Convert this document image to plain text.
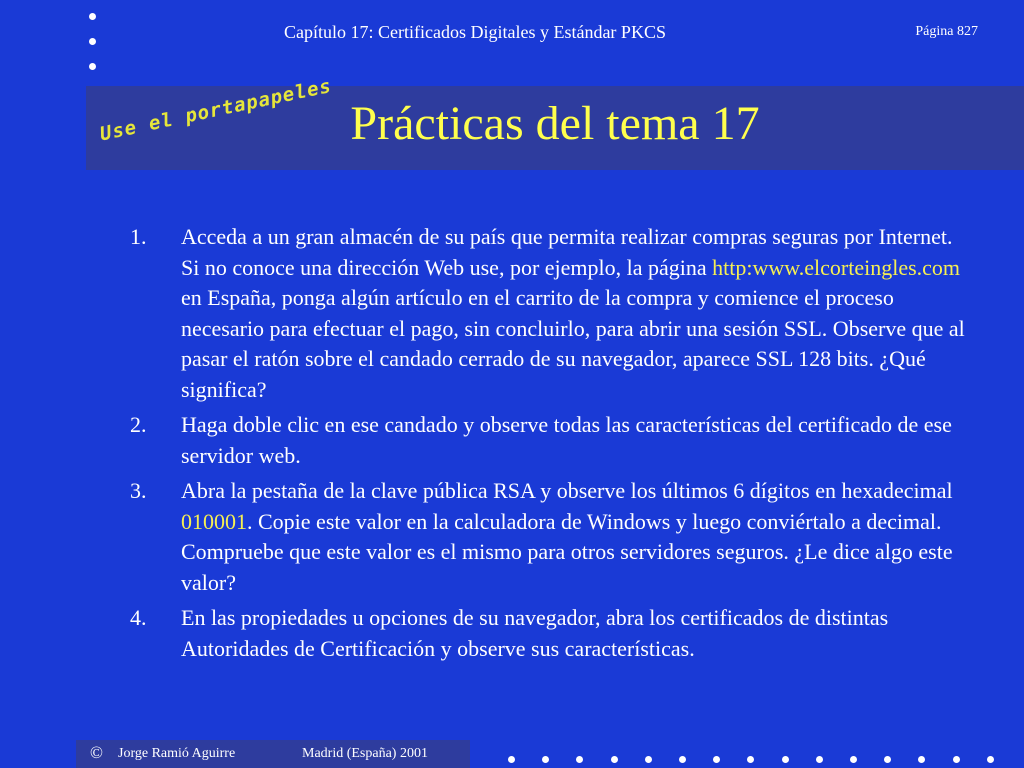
Capítulo 17: Certificados Digitales y Estándar PKCS	Página 827
Use el portapapeles Prácticas del tema 17
1.	Acceda a un gran almacén de su país que permita realizar compras seguras por Internet. Si no conoce una dirección Web use, por ejemplo, la página http:www.elcorteingles.com en España, ponga algún artículo en el carrito de la compra y comience el proceso necesario para efectuar el pago, sin concluirlo, para abrir una sesión SSL. Observe que al pasar el ratón sobre el candado cerrado de su navegador, aparece SSL 128 bits. ¿Qué significa?
2.	Haga doble clic en ese candado y observe todas las características del certificado de ese servidor web.
3.	Abra la pestaña de la clave pública RSA y observe los últimos 6 dígitos en hexadecimal 010001. Copie este valor en la calculadora de Windows y luego conviértalo a decimal. Compruebe que este valor es el mismo para otros servidores seguros. ¿Le dice algo este valor?
4.	En las propiedades u opciones de su navegador, abra los certificados de distintas Autoridades de Certificación y observe sus características.
© Jorge Ramió Aguirre	Madrid (España) 2001
